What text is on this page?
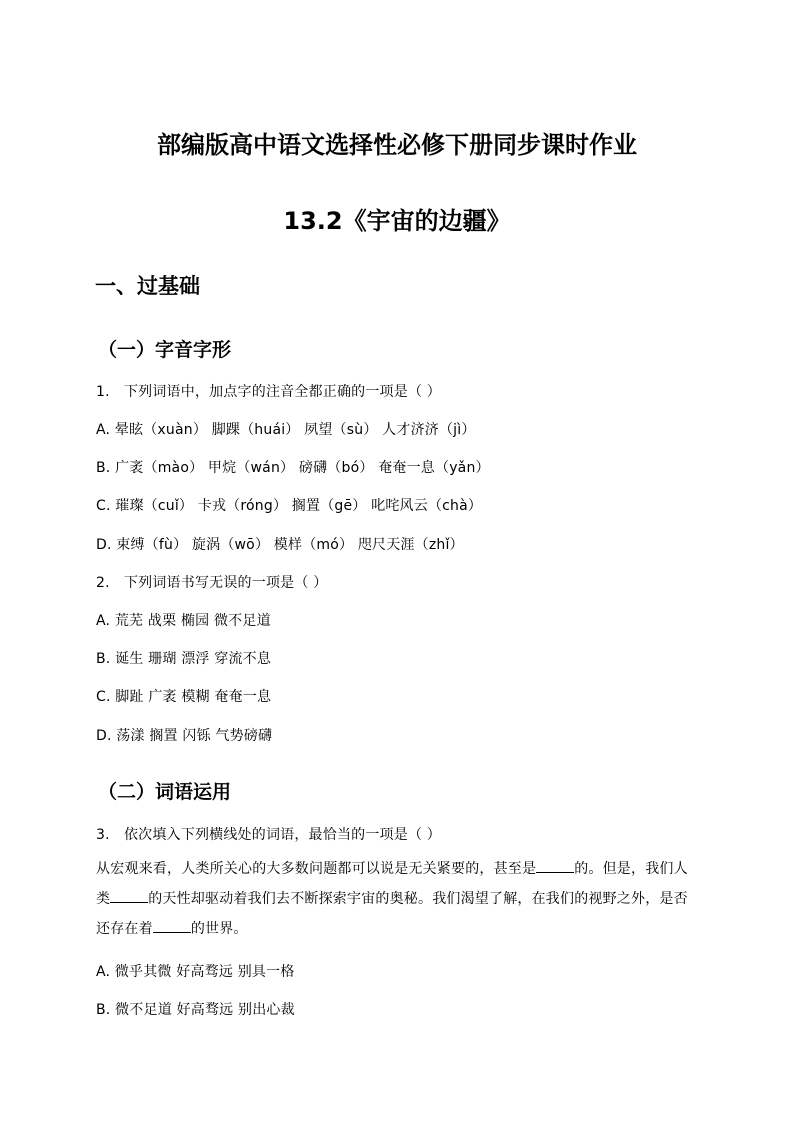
部编版高中语文选择性必修下册同步课时作业
13.2《宇宙的边疆》
一、过基础
（一）字音字形
1.　下列词语中，加点字的注音全都正确的一项是（ ）
A. 晕眩（xuàn） 脚踝（huái） 夙望（sù） 人才济济（jì）
B. 广袤（mào） 甲烷（wán） 磅礴（bó） 奄奄一息（yǎn）
C. 璀璨（cuǐ） 卡戎（róng） 搁置（gē） 叱咤风云（chà）
D. 束缚（fù） 旋涡（wō） 模样（mó） 咫尺天涯（zhǐ）
2.　下列词语书写无误的一项是（ ）
A. 荒芜 战栗 椭园 微不足道
B. 诞生 珊瑚 漂浮 穿流不息
C. 脚趾 广袤 模糊 奄奄一息
D. 荡漾 搁置 闪铄 气势磅礴
（二）词语运用
3.　依次填入下列横线处的词语，最恰当的一项是（ ）
从宏观来看，人类所关心的大多数问题都可以说是无关紧要的，甚至是	的。但是，我们人类	的天性却驱动着我们去不断探索宇宙的奥秘。我们渴望了解，在我们的视野之外，是否还存在着	的世界。
A. 微乎其微 好高骛远 别具一格
B. 微不足道 好高骛远 别出心裁
